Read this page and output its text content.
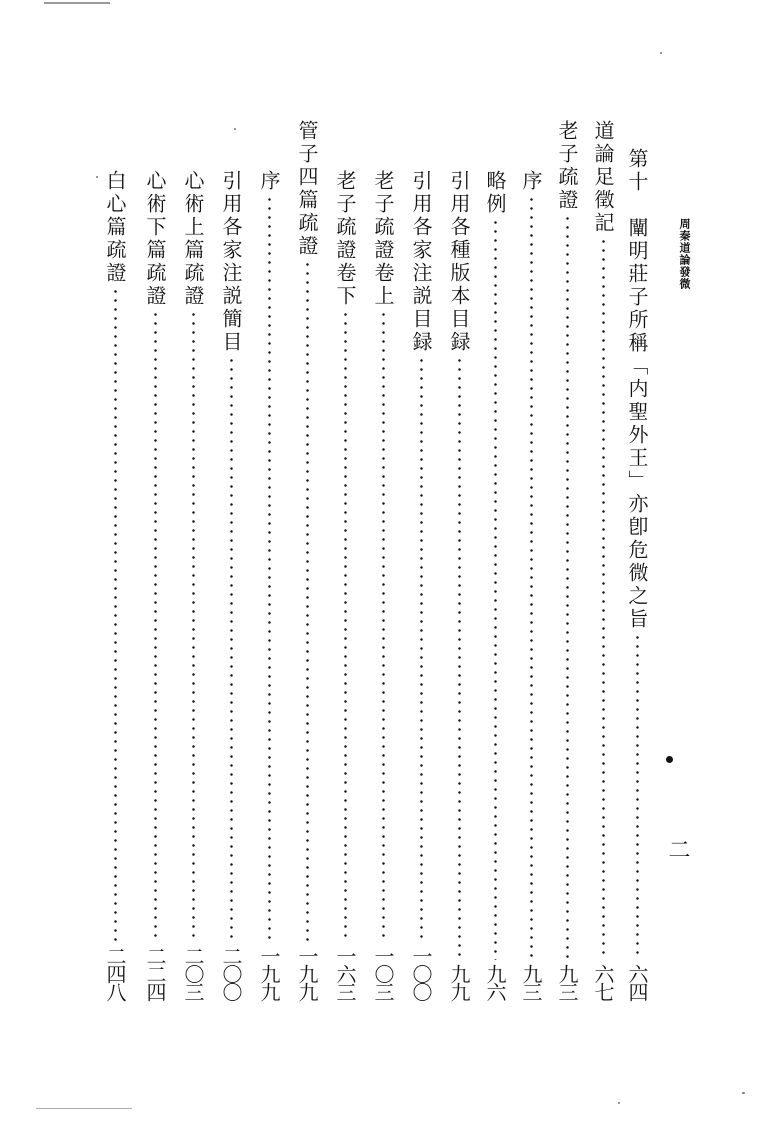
周秦道論發微
二
第十　闡明莊子所稱「内聖外王」亦卽危微之旨
六四
道論足徵記
六七
老子疏證
九三
序
九三
略例
九六
引用各種版本目録
九九
引用各家注説目録
一〇〇
老子疏證卷上
一〇三
老子疏證卷下
一六三
管子四篇疏證
一九九
序
一九九
引用各家注説簡目
二〇〇
心術上篇疏證
二〇三
心術下篇疏證
二二四
白心篇疏證
二四八
